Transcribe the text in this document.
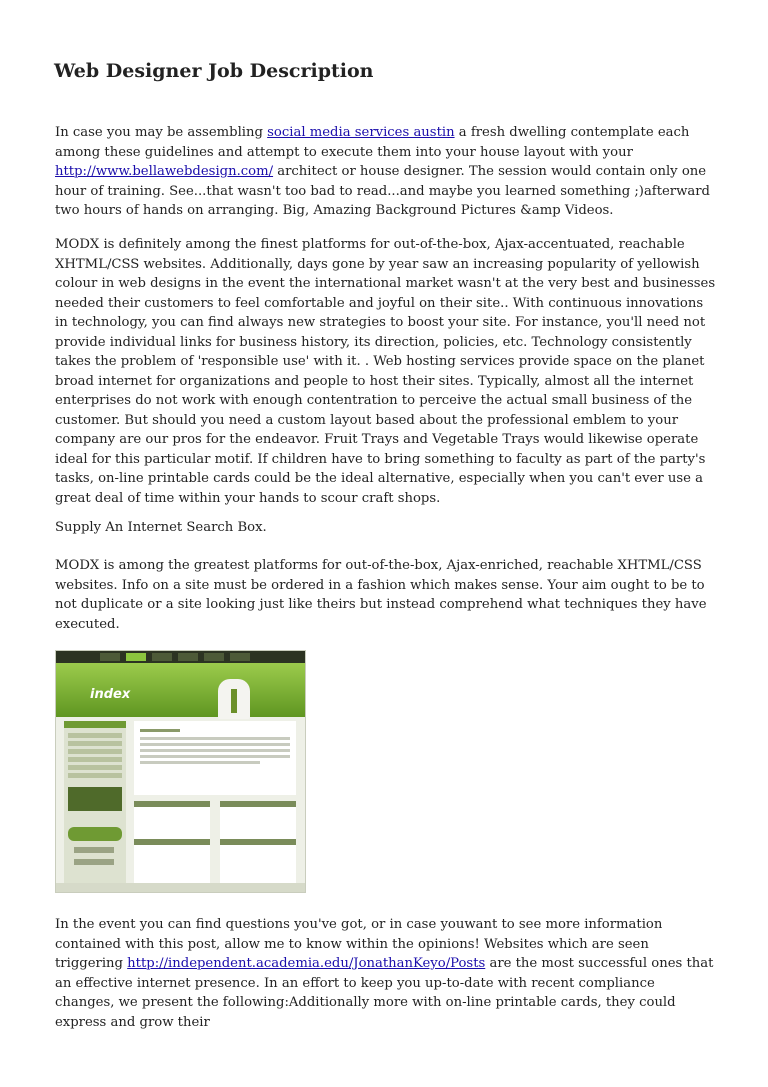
Web Designer Job Description

In case you may be assembling social media services austin a fresh dwelling contemplate each among these guidelines and attempt to execute them into your house layout with your http://www.bellawebdesign.com/ architect or house designer. The session would contain only one hour of training. See...that wasn't too bad to read...and maybe you learned something ;)afterward two hours of hands on arranging. Big, Amazing Background Pictures &amp Videos.

MODX is definitely among the finest platforms for out-of-the-box, Ajax-accentuated, reachable XHTML/CSS websites. Additionally, days gone by year saw an increasing popularity of yellowish colour in web designs in the event the international market wasn't at the very best and businesses needed their customers to feel comfortable and joyful on their site.. With continuous innovations in technology, you can find always new strategies to boost your site. For instance, you'll need not provide individual links for business history, its direction, policies, etc. Technology consistently takes the problem of 'responsible use' with it. . Web hosting services provide space on the planet broad internet for organizations and people to host their sites. Typically, almost all the internet enterprises do not work with enough contentration to perceive the actual small business of the customer. But should you need a custom layout based about the professional emblem to your company are our pros for the endeavor. Fruit Trays and Vegetable Trays would likewise operate ideal for this particular motif. If children have to bring something to faculty as part of the party's tasks, on-line printable cards could be the ideal alternative, especially when you can't ever use a great deal of time within your hands to scour craft shops.

Supply An Internet Search Box.

MODX is among the greatest platforms for out-of-the-box, Ajax-enriched, reachable XHTML/CSS websites. Info on a site must be ordered in a fashion which makes sense. Your aim ought to be to not duplicate or a site looking just like theirs but instead comprehend what techniques they have executed.

index

In the event you can find questions you've got, or in case youwant to see more information contained with this post, allow me to know within the opinions! Websites which are seen triggering http://independent.academia.edu/JonathanKeyo/Posts are the most successful ones that an effective internet presence. In an effort to keep you up-to-date with recent compliance changes, we present the following:Additionally more with on-line printable cards, they could express and grow their
